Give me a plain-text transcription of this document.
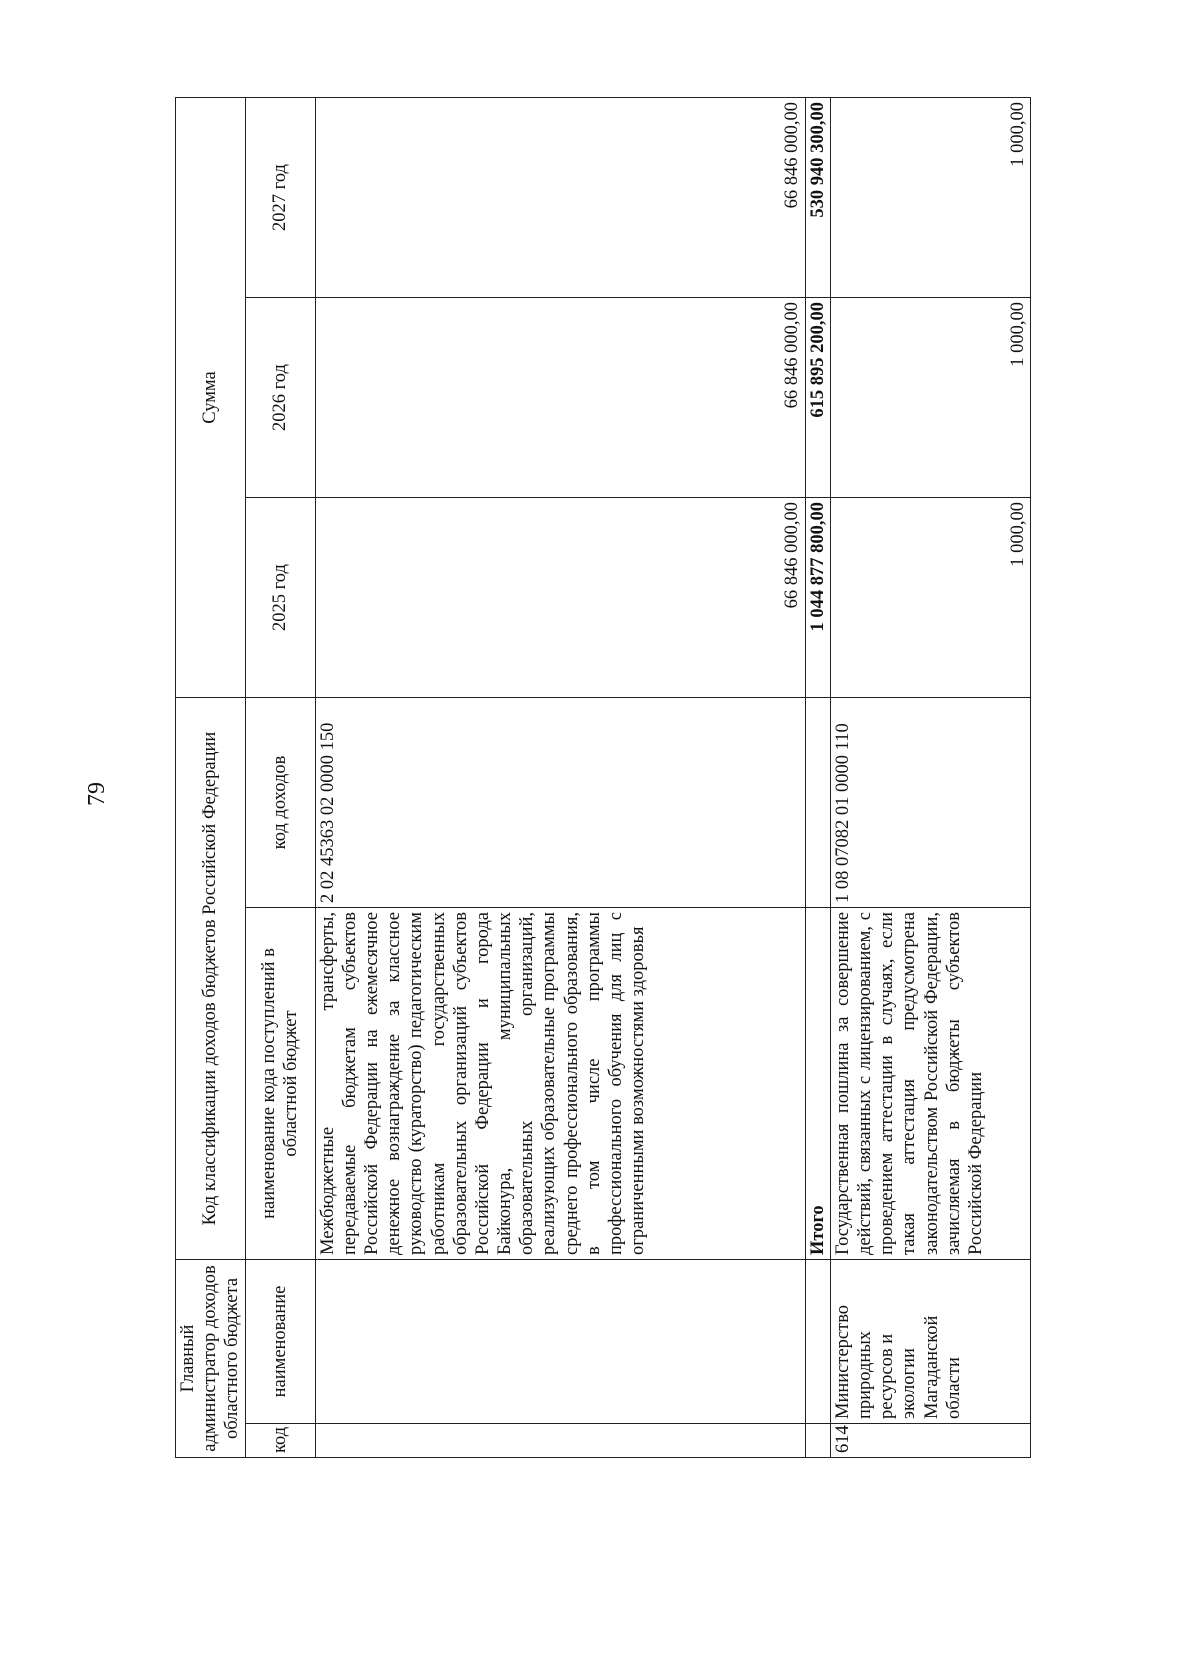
79
Главный администратор доходов областного бюджета		Код классификации доходов бюджетов Российской Федерации		Сумма		
код	наименование	наименование кода поступлений в областной бюджет	код доходов	2025 год	2026 год	2027 год
		Межбюджетные трансферты, передаваемые бюджетам субъектов Российской Федерации на ежемесячное денежное вознаграждение за классное руководство (кураторство) педагогическим работникам государственных образовательных организаций субъектов Российской Федерации и города Байконура, муниципальных образовательных организаций, реализующих образовательные программы среднего профессионального образования, в том числе программы профессионального обучения для лиц с ограниченными возможностями здоровья	2 02 45363 02 0000 150	66 846 000,00	66 846 000,00	66 846 000,00
		Итого		1 044 877 800,00	615 895 200,00	530 940 300,00
614	Министерство природных ресурсов и экологии Магаданской области	Государственная пошлина за совершение действий, связанных с лицензированием, с проведением аттестации в случаях, если такая аттестация предусмотрена законодательством Российской Федерации, зачисляемая в бюджеты субъектов Российской Федерации	1 08 07082 01 0000 110	1 000,00	1 000,00	1 000,00
